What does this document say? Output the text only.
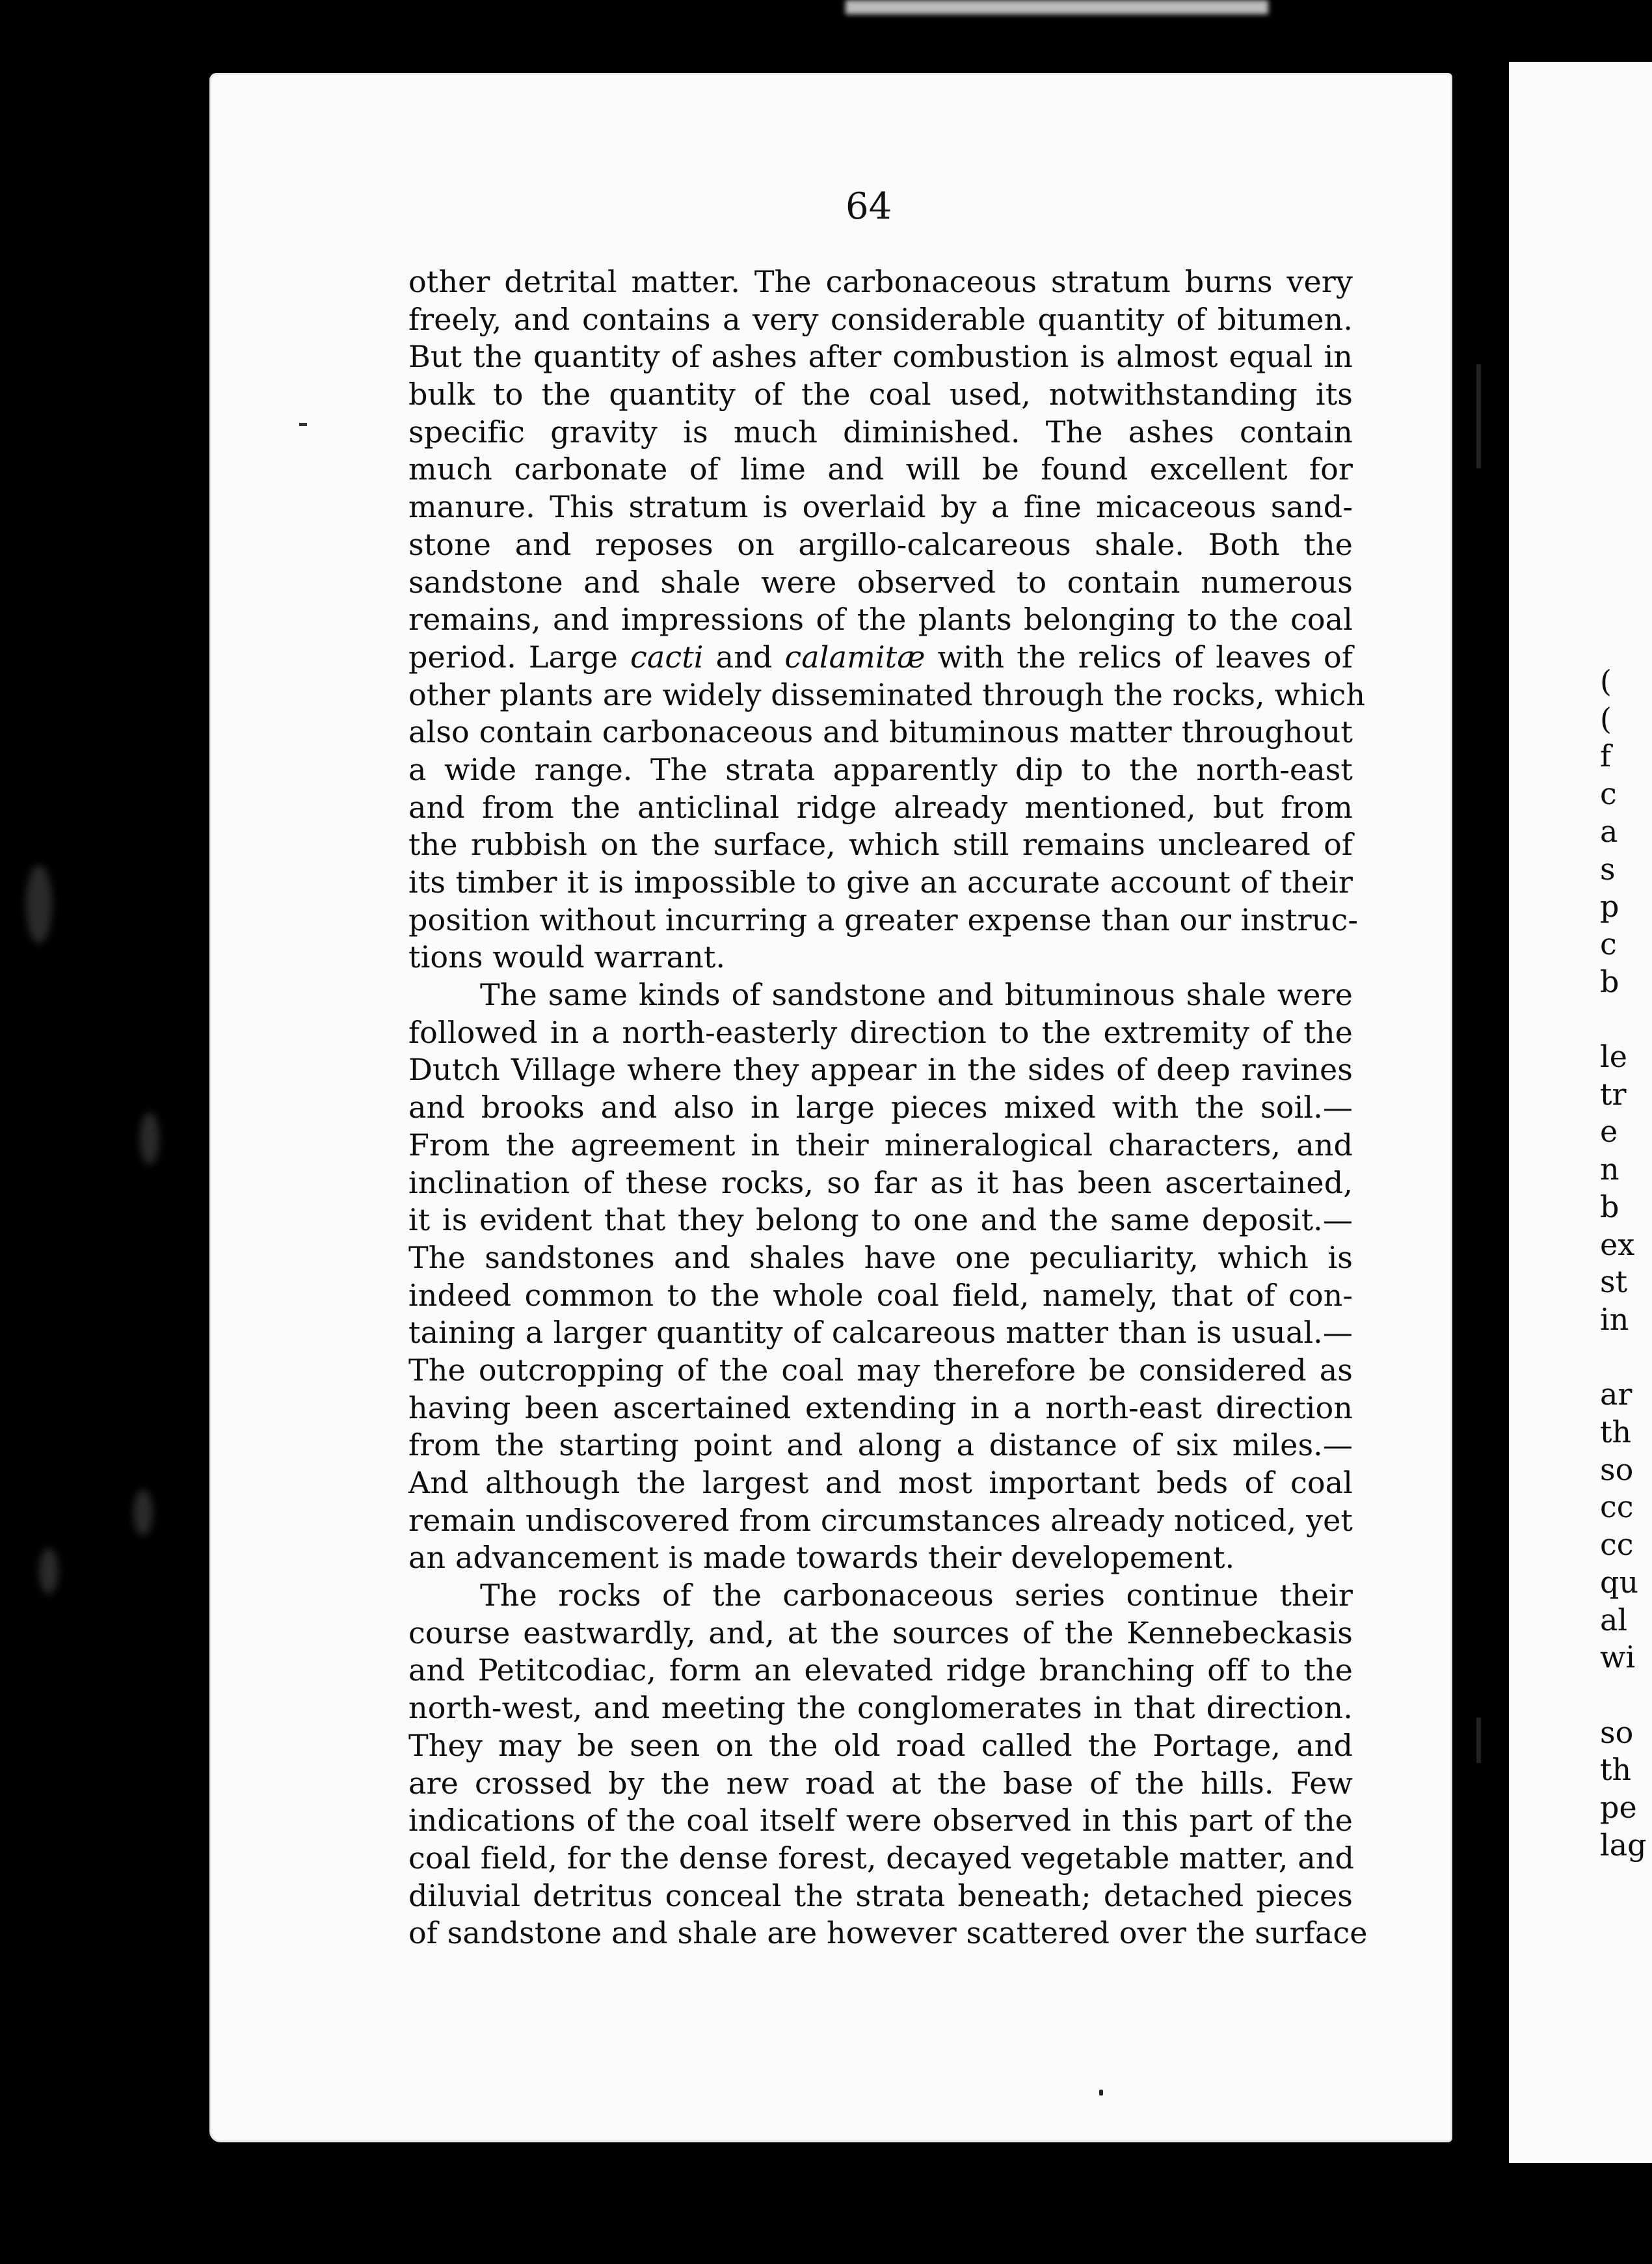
64
other detrital matter. The carbonaceous stratum burns very
freely, and contains a very considerable quantity of bitumen.
But the quantity of ashes after combustion is almost equal in
bulk to the quantity of the coal used, notwithstanding its
specific gravity is much diminished. The ashes contain
much carbonate of lime and will be found excellent for
manure. This stratum is overlaid by a fine micaceous sand-
stone and reposes on argillo-calcareous shale. Both the
sandstone and shale were observed to contain numerous
remains, and impressions of the plants belonging to the coal
period. Large cacti and calamitæ with the relics of leaves of
other plants are widely disseminated through the rocks, which
also contain carbonaceous and bituminous matter throughout
a wide range. The strata apparently dip to the north-east
and from the anticlinal ridge already mentioned, but from
the rubbish on the surface, which still remains uncleared of
its timber it is impossible to give an accurate account of their
position without incurring a greater expense than our instruc-
tions would warrant.
The same kinds of sandstone and bituminous shale were
followed in a north-easterly direction to the extremity of the
Dutch Village where they appear in the sides of deep ravines
and brooks and also in large pieces mixed with the soil.—
From the agreement in their mineralogical characters, and
inclination of these rocks, so far as it has been ascertained,
it is evident that they belong to one and the same deposit.—
The sandstones and shales have one peculiarity, which is
indeed common to the whole coal field, namely, that of con-
taining a larger quantity of calcareous matter than is usual.—
The outcropping of the coal may therefore be considered as
having been ascertained extending in a north-east direction
from the starting point and along a distance of six miles.—
And although the largest and most important beds of coal
remain undiscovered from circumstances already noticed, yet
an advancement is made towards their developement.
The rocks of the carbonaceous series continue their
course eastwardly, and, at the sources of the Kennebeckasis
and Petitcodiac, form an elevated ridge branching off to the
north-west, and meeting the conglomerates in that direction.
They may be seen on the old road called the Portage, and
are crossed by the new road at the base of the hills. Few
indications of the coal itself were observed in this part of the
coal field, for the dense forest, decayed vegetable matter, and
diluvial detritus conceal the strata beneath; detached pieces
of sandstone and shale are however scattered over the surface
(
(
f
c
a
s
p
c
b
le
tr
e
n
b
ex
st
in
ar
th
so
cc
cc
qu
al
wi
so
th
pe
lag
